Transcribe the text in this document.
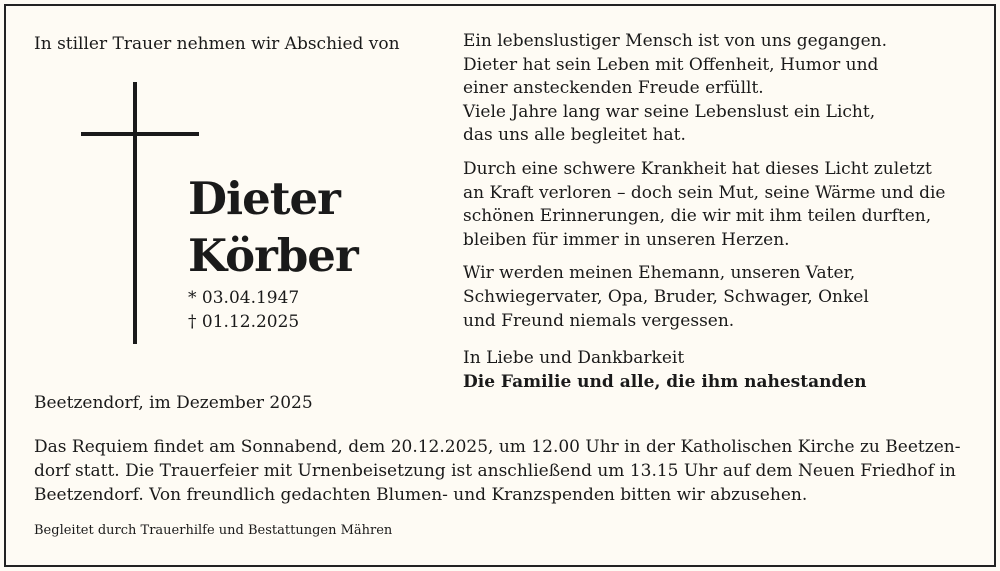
In stiller Trauer nehmen wir Abschied von
Dieter
Körber
* 03.04.1947
† 01.12.2025
Beetzendorf, im Dezember 2025

Ein lebenslustiger Mensch ist von uns gegangen.
Dieter hat sein Leben mit Offenheit, Humor und
einer ansteckenden Freude erfüllt.
Viele Jahre lang war seine Lebenslust ein Licht,
das uns alle begleitet hat.

Durch eine schwere Krankheit hat dieses Licht zuletzt
an Kraft verloren – doch sein Mut, seine Wärme und die
schönen Erinnerungen, die wir mit ihm teilen durften,
bleiben für immer in unseren Herzen.

Wir werden meinen Ehemann, unseren Vater,
Schwiegervater, Opa, Bruder, Schwager, Onkel
und Freund niemals vergessen.

In Liebe und Dankbarkeit
Die Familie und alle, die ihm nahestanden

Das Requiem findet am Sonnabend, dem 20.12.2025, um 12.00 Uhr in der Katholischen Kirche zu Beetzen-
dorf statt. Die Trauerfeier mit Urnenbeisetzung ist anschließend um 13.15 Uhr auf dem Neuen Friedhof in
Beetzendorf. Von freundlich gedachten Blumen- und Kranzspenden bitten wir abzusehen.
Begleitet durch Trauerhilfe und Bestattungen Mähren
